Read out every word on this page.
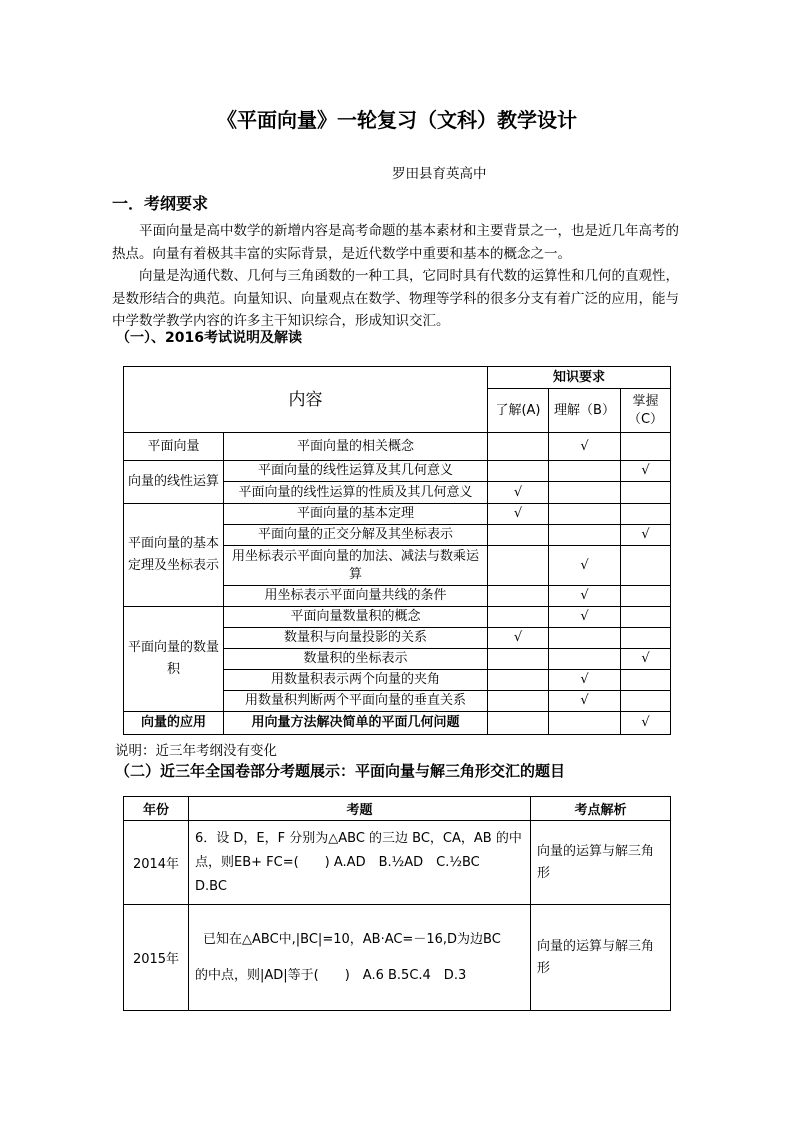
《平面向量》一轮复习（文科）教学设计
罗田县育英高中
一．考纲要求
平面向量是高中数学的新增内容是高考命题的基本素材和主要背景之一，也是近几年高考的热点。向量有着极其丰富的实际背景，是近代数学中重要和基本的概念之一。
向量是沟通代数、几何与三角函数的一种工具，它同时具有代数的运算性和几何的直观性，是数形结合的典范。向量知识、向量观点在数学、物理等学科的很多分支有着广泛的应用，能与中学数学教学内容的许多主干知识综合，形成知识交汇。
（一）、2016考试说明及解读
内容		知识要求		
		了解(A)	理解（B）	掌握（C）
平面向量	平面向量的相关概念		√	
向量的线性运算	平面向量的线性运算及其几何意义			√
	平面向量的线性运算的性质及其几何意义	√		
平面向量的基本定理及坐标表示	平面向量的基本定理	√		
	平面向量的正交分解及其坐标表示			√
	用坐标表示平面向量的加法、减法与数乘运算		√	
	用坐标表示平面向量共线的条件		√	
平面向量的数量积	平面向量数量积的概念		√	
	数量积与向量投影的关系	√		
	数量积的坐标表示			√
	用数量积表示两个向量的夹角		√	
	用数量积判断两个平面向量的垂直关系		√	
向量的应用	用向量方法解决简单的平面几何问题			√
说明：近三年考纲没有变化
（二）近三年全国卷部分考题展示：平面向量与解三角形交汇的题目
年份	考题	考点解析
2014年	6．设 D，E，F 分别为△ABC 的三边 BC，CA，AB 的中
点，则EB+ FC=(　　) A.AD　B.½AD　C.½BC　D.BC	向量的运算与解三角形
2015年	已知在△ABC中,|BC|=10，AB·AC=－16,D为边BC
的中点，则|AD|等于(　　)　A.6 B.5C.4　D.3	向量的运算与解三角形
